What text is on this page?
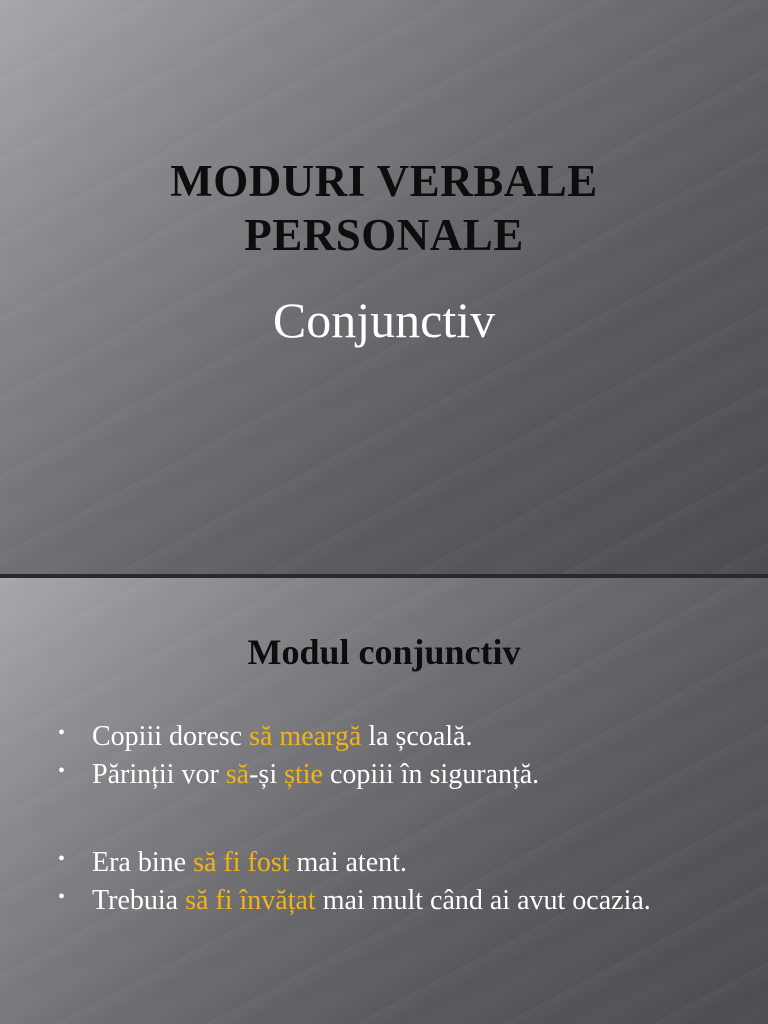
MODURI VERBALE
PERSONALE
Conjunctiv
Modul conjunctiv
• Copiii doresc să meargă la școală.
• Părinții vor să-și știe copiii în siguranță.
• Era bine să fi fost mai atent.
• Trebuia să fi învățat mai mult când ai avut ocazia.
